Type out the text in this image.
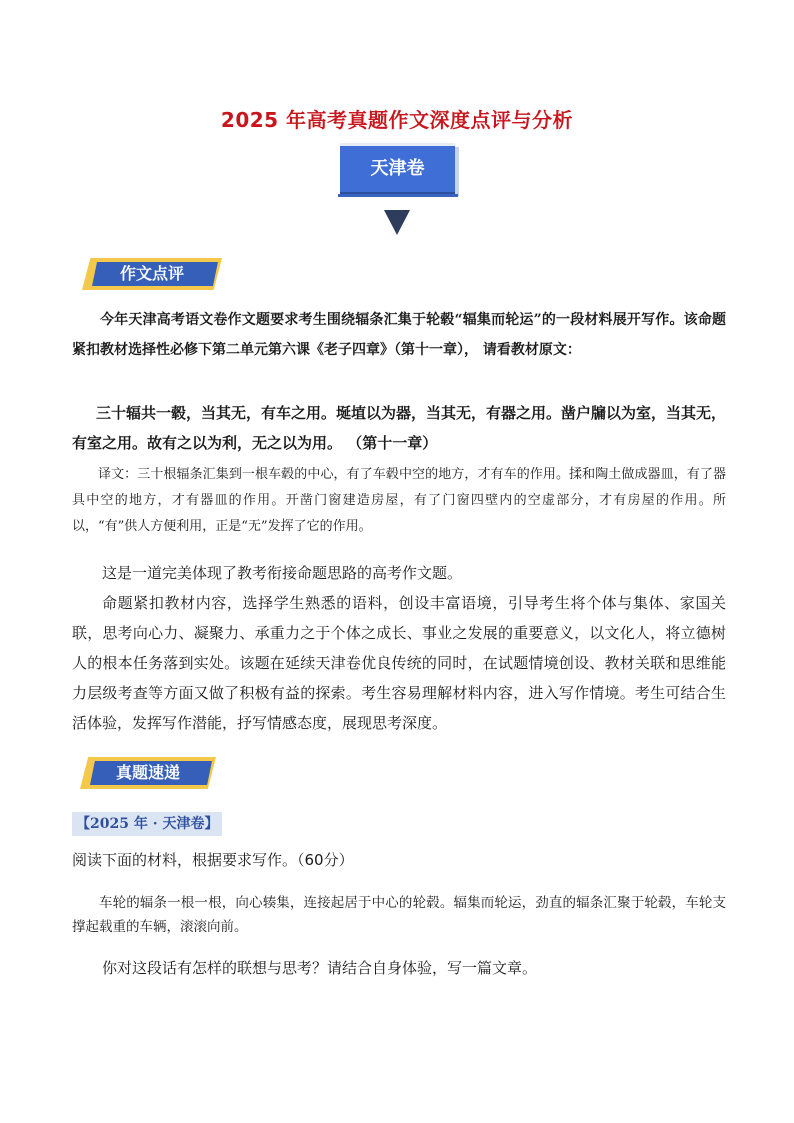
2025 年高考真题作文深度点评与分析
天津卷
作文点评
今年天津高考语文卷作文题要求考生围绕辐条汇集于轮毂“辐集而轮运”的一段材料展开写作。该命题紧扣教材选择性必修下第二单元第六课《老子四章》（第十一章）， 请看教材原文：
三十辐共一毂，当其无，有车之用。埏埴以为器，当其无，有器之用。凿户牖以为室，当其无，有室之用。故有之以为利，无之以为用。 （第十一章）
译文：三十根辐条汇集到一根车毂的中心，有了车毂中空的地方，才有车的作用。揉和陶土做成器皿，有了器具中空的地方，才有器皿的作用。开凿门窗建造房屋，有了门窗四壁内的空虚部分，才有房屋的作用。所以，“有”供人方便利用，正是“无”发挥了它的作用。
这是一道完美体现了教考衔接命题思路的高考作文题。
命题紧扣教材内容，选择学生熟悉的语料，创设丰富语境，引导考生将个体与集体、家国关联，思考向心力、凝聚力、承重力之于个体之成长、事业之发展的重要意义，以文化人，将立德树人的根本任务落到实处。该题在延续天津卷优良传统的同时，在试题情境创设、教材关联和思维能力层级考查等方面又做了积极有益的探索。考生容易理解材料内容，进入写作情境。考生可结合生活体验，发挥写作潜能，抒写情感态度，展现思考深度。
真题速递
【2025 年 · 天津卷】
阅读下面的材料，根据要求写作。（60分）
车轮的辐条一根一根，向心辏集，连接起居于中心的轮毂。辐集而轮运，劲直的辐条汇聚于轮毂，车轮支撑起载重的车辆，滚滚向前。
你对这段话有怎样的联想与思考？请结合自身体验，写一篇文章。
